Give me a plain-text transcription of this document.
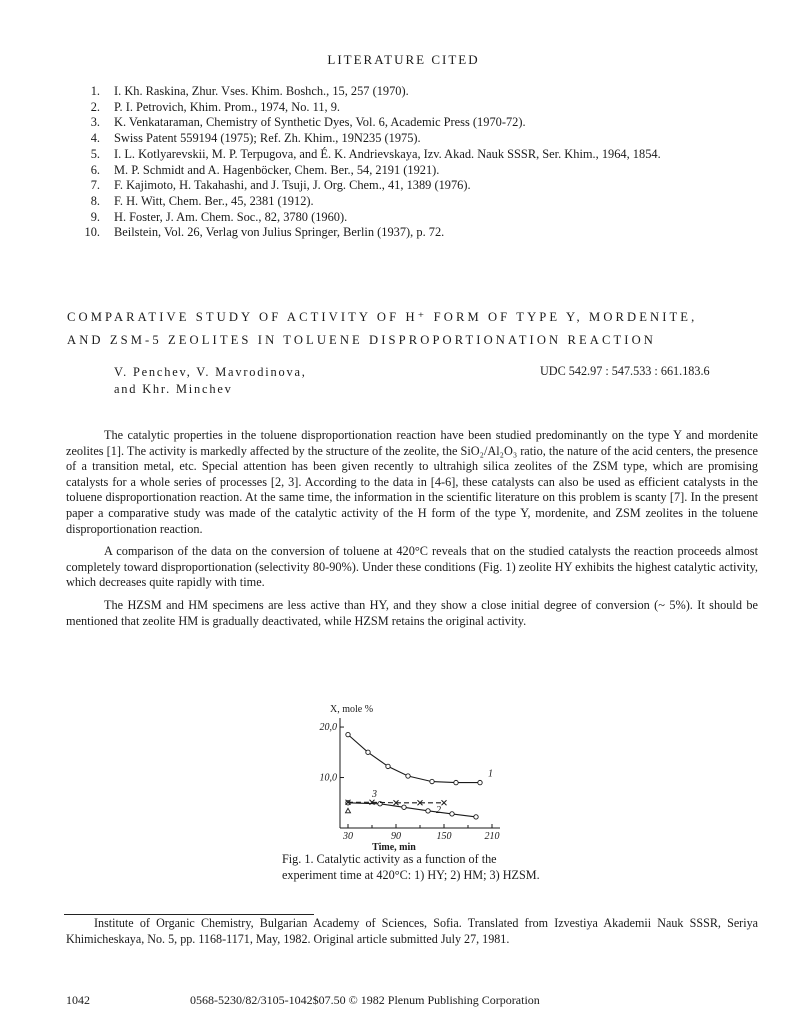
LITERATURE CITED
1.	I. Kh. Raskina, Zhur. Vses. Khim. Boshch., 15, 257 (1970).
2.	P. I. Petrovich, Khim. Prom., 1974, No. 11, 9.
3.	K. Venkataraman, Chemistry of Synthetic Dyes, Vol. 6, Academic Press (1970-72).
4.	Swiss Patent 559194 (1975); Ref. Zh. Khim., 19N235 (1975).
5.	I. L. Kotlyarevskii, M. P. Terpugova, and É. K. Andrievskaya, Izv. Akad. Nauk SSSR, Ser. Khim., 1964, 1854.
6.	M. P. Schmidt and A. Hagenböcker, Chem. Ber., 54, 2191 (1921).
7.	F. Kajimoto, H. Takahashi, and J. Tsuji, J. Org. Chem., 41, 1389 (1976).
8.	F. H. Witt, Chem. Ber., 45, 2381 (1912).
9.	H. Foster, J. Am. Chem. Soc., 82, 3780 (1960).
10.	Beilstein, Vol. 26, Verlag von Julius Springer, Berlin (1937), p. 72.
COMPARATIVE STUDY OF ACTIVITY OF H⁺ FORM OF TYPE Y, MORDENITE,
AND ZSM-5 ZEOLITES IN TOLUENE DISPROPORTIONATION REACTION
V. Penchev, V. Mavrodinova,
and Khr. Minchev
UDC 542.97 : 547.533 : 661.183.6

The catalytic properties in the toluene disproportionation reaction have been studied predominantly on the type Y and mordenite zeolites [1]. The activity is markedly affected by the structure of the zeolite, the SiO₂/Al₂O₃ ratio, the nature of the acid centers, the presence of a transition metal, etc. Special attention has been given recently to ultrahigh silica zeolites of the ZSM type, which are promising catalysts for a whole series of processes [2, 3]. According to the data in [4-6], these catalysts can also be used as efficient catalysts in the toluene disproportionation reaction. At the same time, the information in the scientific literature on this problem is scanty [7]. In the present paper a comparative study was made of the catalytic activity of the H form of the type Y, mordenite, and ZSM zeolites in the toluene disproportionation reaction.

A comparison of the data on the conversion of toluene at 420°C reveals that on the studied catalysts the reaction proceeds almost completely toward disproportionation (selectivity 80-90%). Under these conditions (Fig. 1) zeolite HY exhibits the highest catalytic activity, which decreases quite rapidly with time.

The HZSM and HM specimens are less active than HY, and they show a close initial degree of conversion (~ 5%). It should be mentioned that zeolite HM is gradually deactivated, while HZSM retains the original activity.

X, mole %
Time, min
30	90	150	210
10,0
20,0
1
2
3
Fig. 1. Catalytic activity as a function of the experiment time at 420°C: 1) HY; 2) HM; 3) HZSM.
Institute of Organic Chemistry, Bulgarian Academy of Sciences, Sofia. Translated from Izvestiya Akademii Nauk SSSR, Seriya Khimicheskaya, No. 5, pp. 1168-1171, May, 1982. Original article submitted July 27, 1981.
1042	0568-5230/82/3105-1042$07.50 © 1982 Plenum Publishing Corporation
